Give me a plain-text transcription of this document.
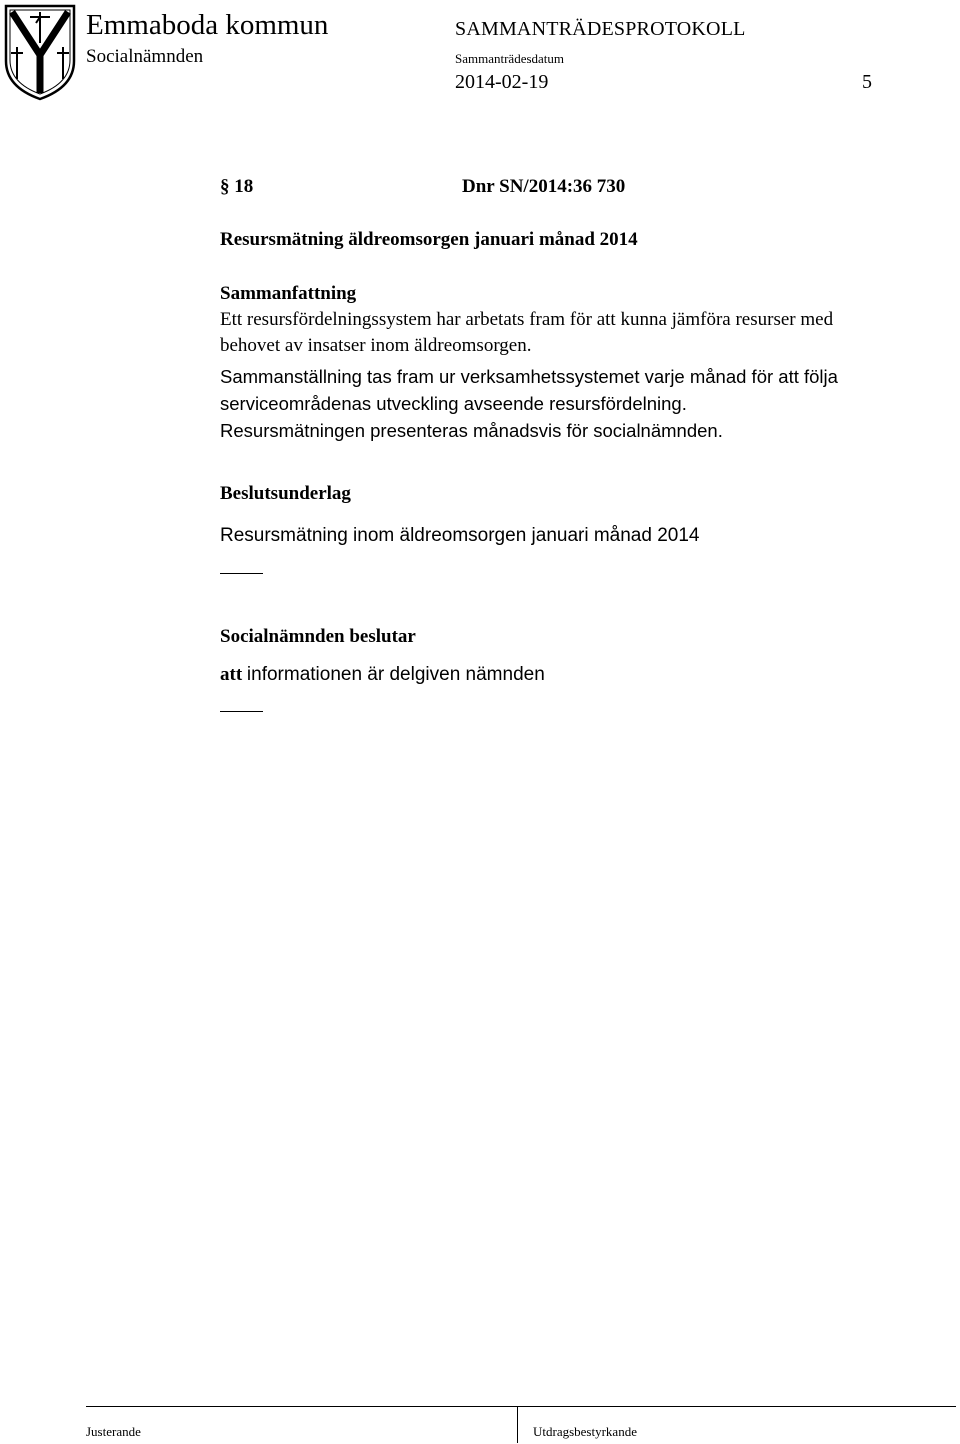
Emmaboda kommun
Socialnämnden
SAMMANTRÄDESPROTOKOLL
Sammanträdesdatum
2014-02-19	5
§ 18	Dnr SN/2014:36 730
Resursmätning äldreomsorgen januari månad 2014
Sammanfattning
Ett resursfördelningssystem har arbetats fram för att kunna jämföra resurser med
behovet av insatser inom äldreomsorgen.
Sammanställning tas fram ur verksamhetssystemet varje månad för att följa
serviceområdenas utveckling avseende resursfördelning.
Resursmätningen presenteras månadsvis för socialnämnden.
Beslutsunderlag
Resursmätning inom äldreomsorgen januari månad 2014
Socialnämnden beslutar
att informationen är delgiven nämnden
Justerande	Utdragsbestyrkande
